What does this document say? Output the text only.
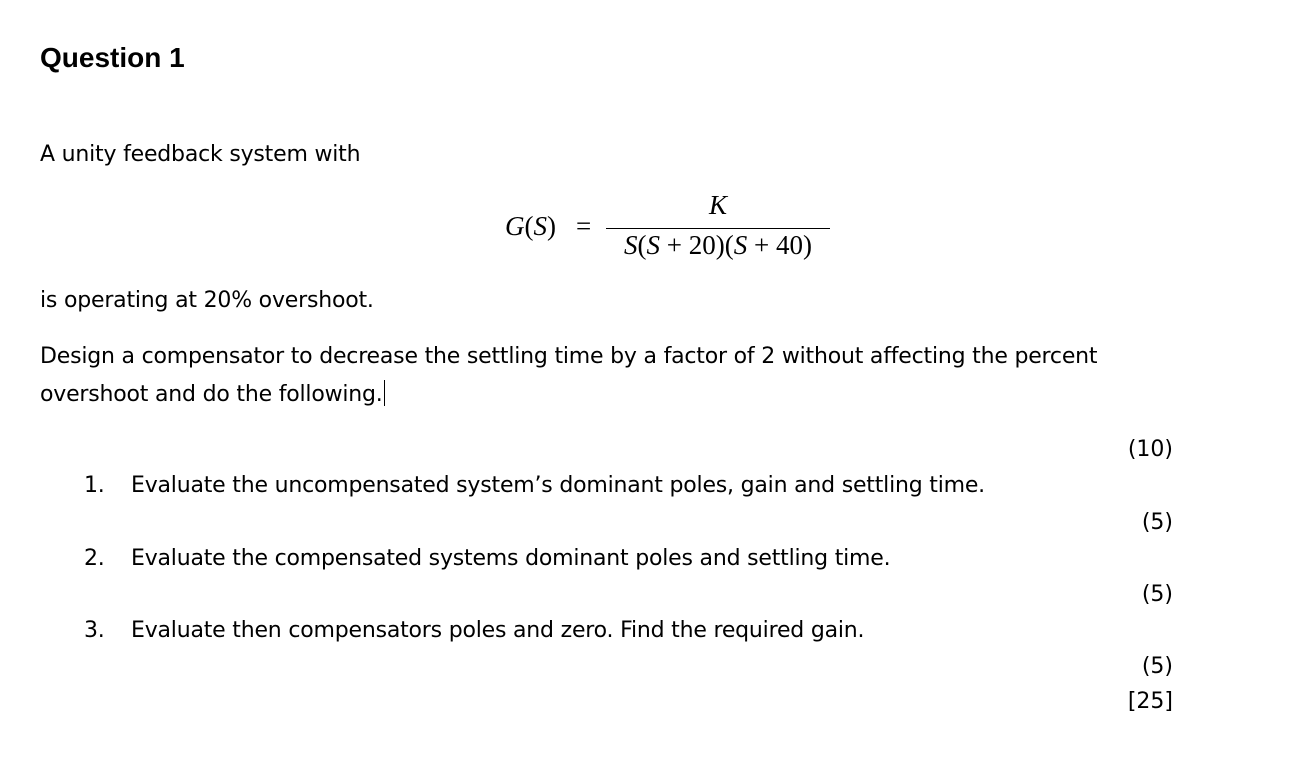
Question 1
A unity feedback system with
G(S) =
K
S(S + 20)(S + 40)
is operating at 20% overshoot.
Design a compensator to decrease the settling time by a factor of 2 without affecting the percent
overshoot and do the following.
(10)
(5)
(5)
(5)
[25]
1. Evaluate the uncompensated system’s dominant poles, gain and settling time.
2. Evaluate the compensated systems dominant poles and settling time.
3. Evaluate then compensators poles and zero. Find the required gain.
